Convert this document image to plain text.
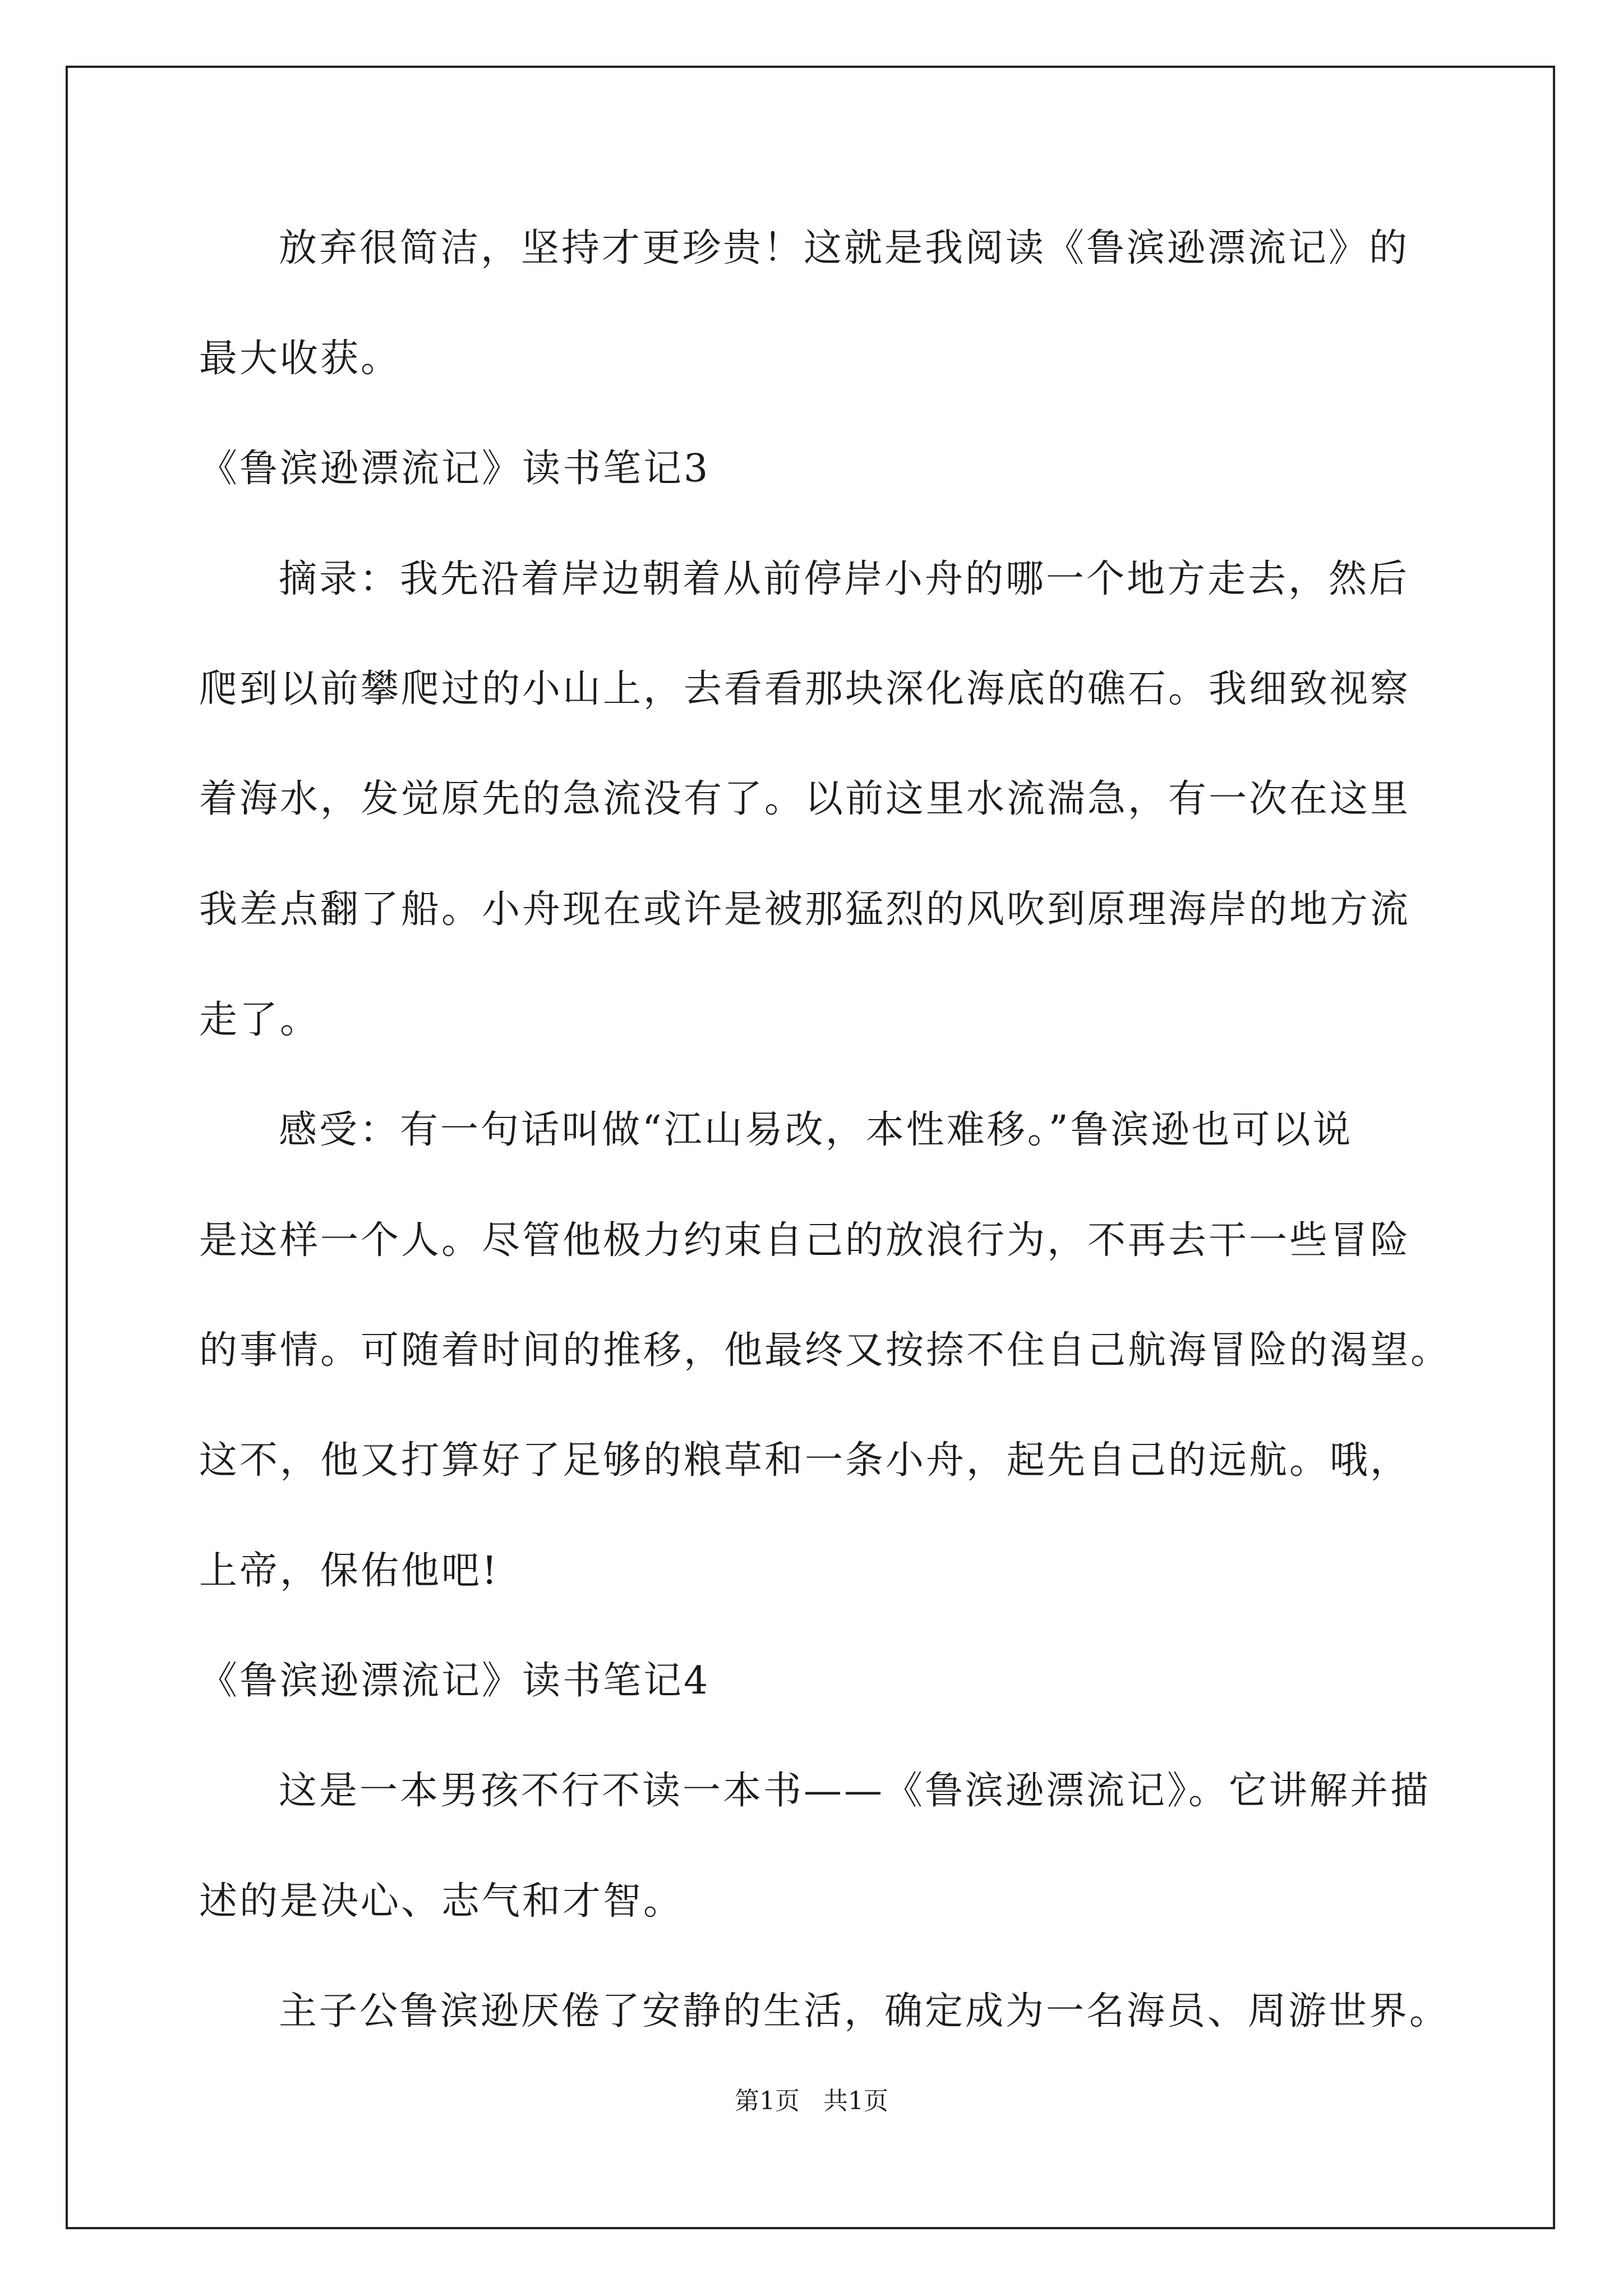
放弃很简洁，坚持才更珍贵！这就是我阅读《鲁滨逊漂流记》的

最大收获。

《鲁滨逊漂流记》读书笔记3

摘录：我先沿着岸边朝着从前停岸小舟的哪一个地方走去，然后

爬到以前攀爬过的小山上，去看看那块深化海底的礁石。我细致视察

着海水，发觉原先的急流没有了。以前这里水流湍急，有一次在这里

我差点翻了船。小舟现在或许是被那猛烈的风吹到原理海岸的地方流

走了。

感受：有一句话叫做“江山易改，本性难移。”鲁滨逊也可以说

是这样一个人。尽管他极力约束自己的放浪行为，不再去干一些冒险

的事情。可随着时间的推移，他最终又按捺不住自己航海冒险的渴望。

这不，他又打算好了足够的粮草和一条小舟，起先自己的远航。哦，

上帝，保佑他吧!

《鲁滨逊漂流记》读书笔记4

这是一本男孩不行不读一本书——《鲁滨逊漂流记》。它讲解并描

述的是决心、志气和才智。

主子公鲁滨逊厌倦了安静的生活，确定成为一名海员、周游世界。

第1页   共1页
